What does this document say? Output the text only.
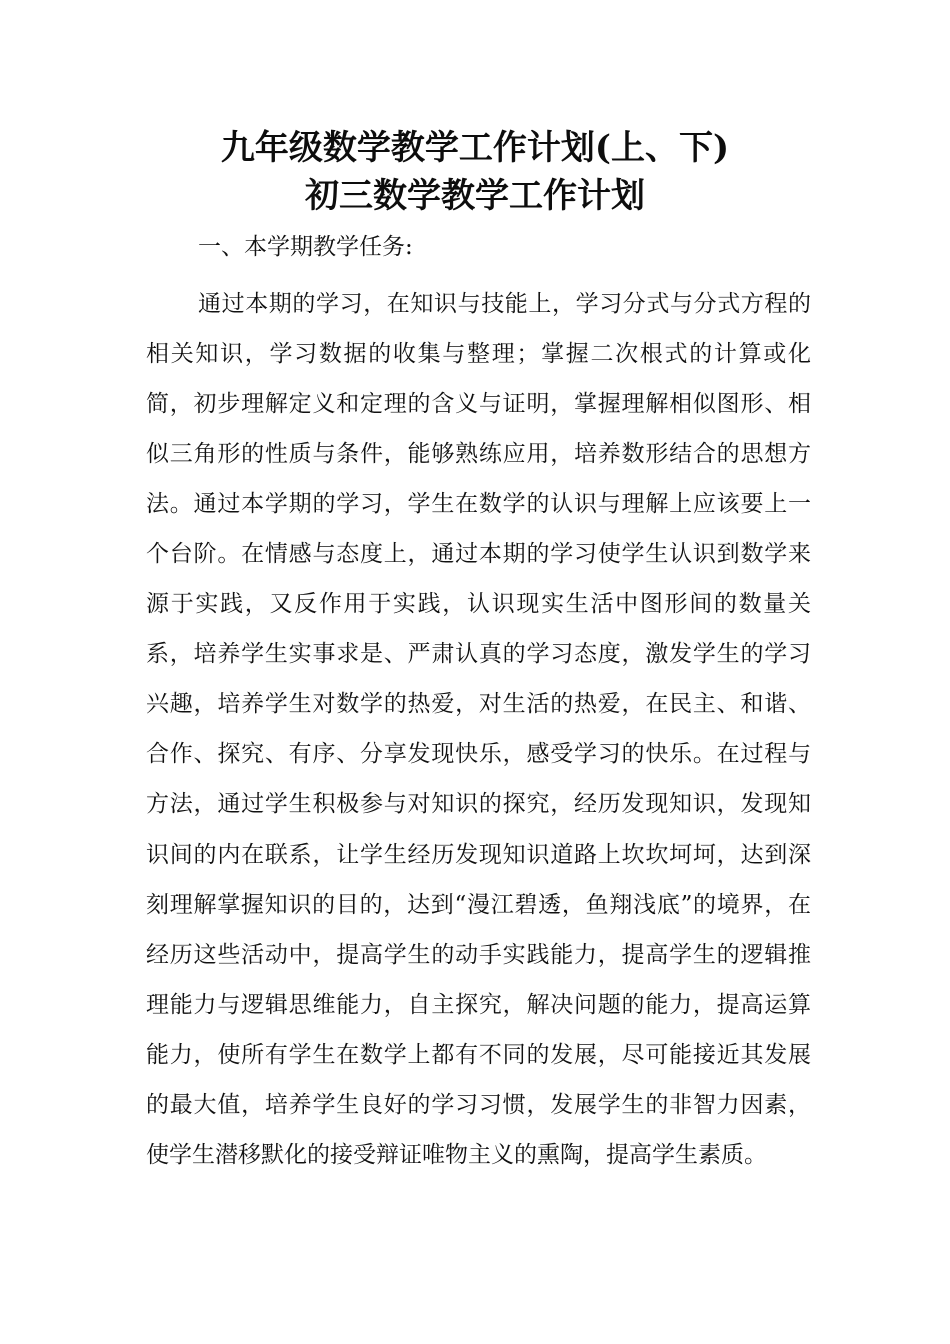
九年级数学教学工作计划(上、下)
初三数学教学工作计划
一、本学期教学任务:

通过本期的学习，在知识与技能上，学习分式与分式方程的相关知识，学习数据的收集与整理；掌握二次根式的计算或化简，初步理解定义和定理的含义与证明，掌握理解相似图形、相似三角形的性质与条件，能够熟练应用，培养数形结合的思想方法。通过本学期的学习，学生在数学的认识与理解上应该要上一个台阶。在情感与态度上，通过本期的学习使学生认识到数学来源于实践，又反作用于实践，认识现实生活中图形间的数量关系，培养学生实事求是、严肃认真的学习态度，激发学生的学习兴趣，培养学生对数学的热爱，对生活的热爱，在民主、和谐、合作、探究、有序、分享发现快乐，感受学习的快乐。在过程与方法，通过学生积极参与对知识的探究，经历发现知识，发现知识间的内在联系，让学生经历发现知识道路上坎坎坷坷，达到深刻理解掌握知识的目的，达到“漫江碧透，鱼翔浅底”的境界，在经历这些活动中，提高学生的动手实践能力，提高学生的逻辑推理能力与逻辑思维能力，自主探究，解决问题的能力，提高运算能力，使所有学生在数学上都有不同的发展，尽可能接近其发展的最大值，培养学生良好的学习习惯，发展学生的非智力因素，使学生潜移默化的接受辩证唯物主义的熏陶，提高学生素质。
